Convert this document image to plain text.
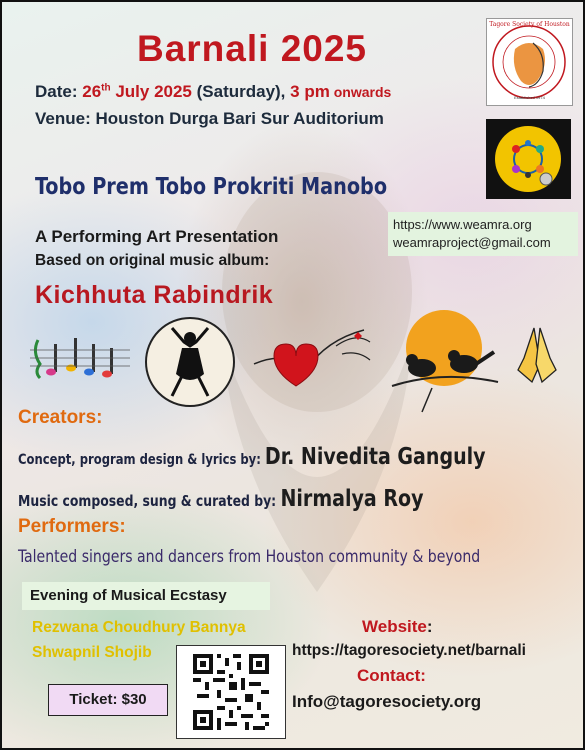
Barnali 2025
Date: 26th July 2025 (Saturday), 3 pm onwards
Venue: Houston Durga Bari Sur Auditorium
Tagore Society of Houston
Established 1974
Tobo Prem Tobo Prokriti Manobo
https://www.weamra.org
weamraproject@gmail.com
A Performing Art Presentation
Based on original music album:
Kichhuta Rabindrik
Creators:
Concept, program design & lyrics by: Dr. Nivedita Ganguly
Music composed, sung & curated by: Nirmalya Roy
Performers:
Talented singers and dancers from Houston community & beyond
Evening of Musical Ecstasy
Rezwana Choudhury Bannya
Shwapnil Shojib
Ticket: $30
Website:
https://tagoresociety.net/barnali
Contact:
Info@tagoresociety.org
